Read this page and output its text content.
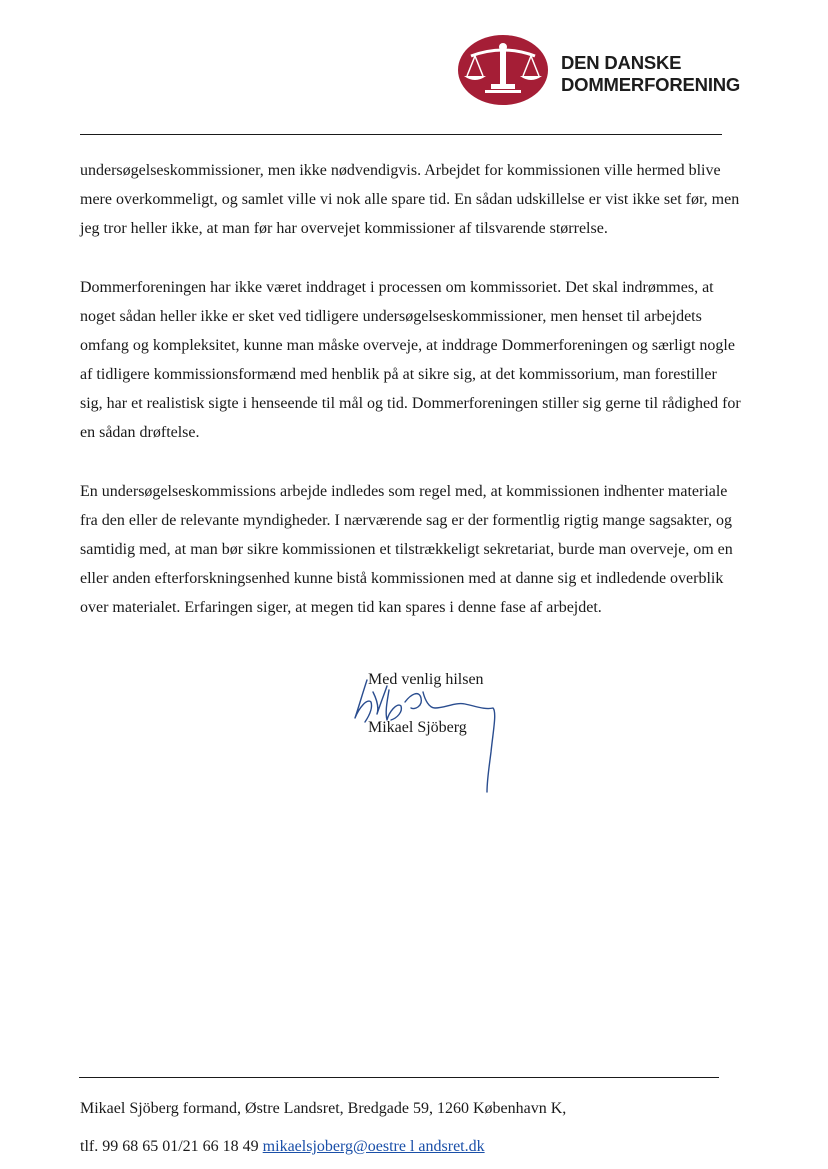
DEN DANSKE
DOMMERFORENING

undersøgelseskommissioner, men ikke nødvendigvis. Arbejdet for kommissionen ville hermed blive
mere overkommeligt, og samlet ville vi nok alle spare tid. En sådan udskillelse er vist ikke set før, men
jeg tror heller ikke, at man før har overvejet kommissioner af tilsvarende størrelse.

Dommerforeningen har ikke været inddraget i processen om kommissoriet. Det skal indrømmes, at
noget sådan heller ikke er sket ved tidligere undersøgelseskommissioner, men henset til arbejdets
omfang og kompleksitet, kunne man måske overveje, at inddrage Dommerforeningen og særligt nogle
af tidligere kommissionsformænd med henblik på at sikre sig, at det kommissorium, man forestiller
sig, har et realistisk sigte i henseende til mål og tid. Dommerforeningen stiller sig gerne til rådighed for
en sådan drøftelse.

En undersøgelseskommissions arbejde indledes som regel med, at kommissionen indhenter materiale
fra den eller de relevante myndigheder. I nærværende sag er der formentlig rigtig mange sagsakter, og
samtidig med, at man bør sikre kommissionen et tilstrækkeligt sekretariat, burde man overveje, om en
eller anden efterforskningsenhed kunne bistå kommissionen med at danne sig et indledende overblik
over materialet. Erfaringen siger, at megen tid kan spares i denne fase af arbejdet.

Med venlig hilsen
Mikael Sjöberg
Mikael Sjöberg formand, Østre Landsret, Bredgade 59, 1260 København K,
tlf. 99 68 65 01/21 66 18 49 mikaelsjoberg@oestre l andsret.dk
